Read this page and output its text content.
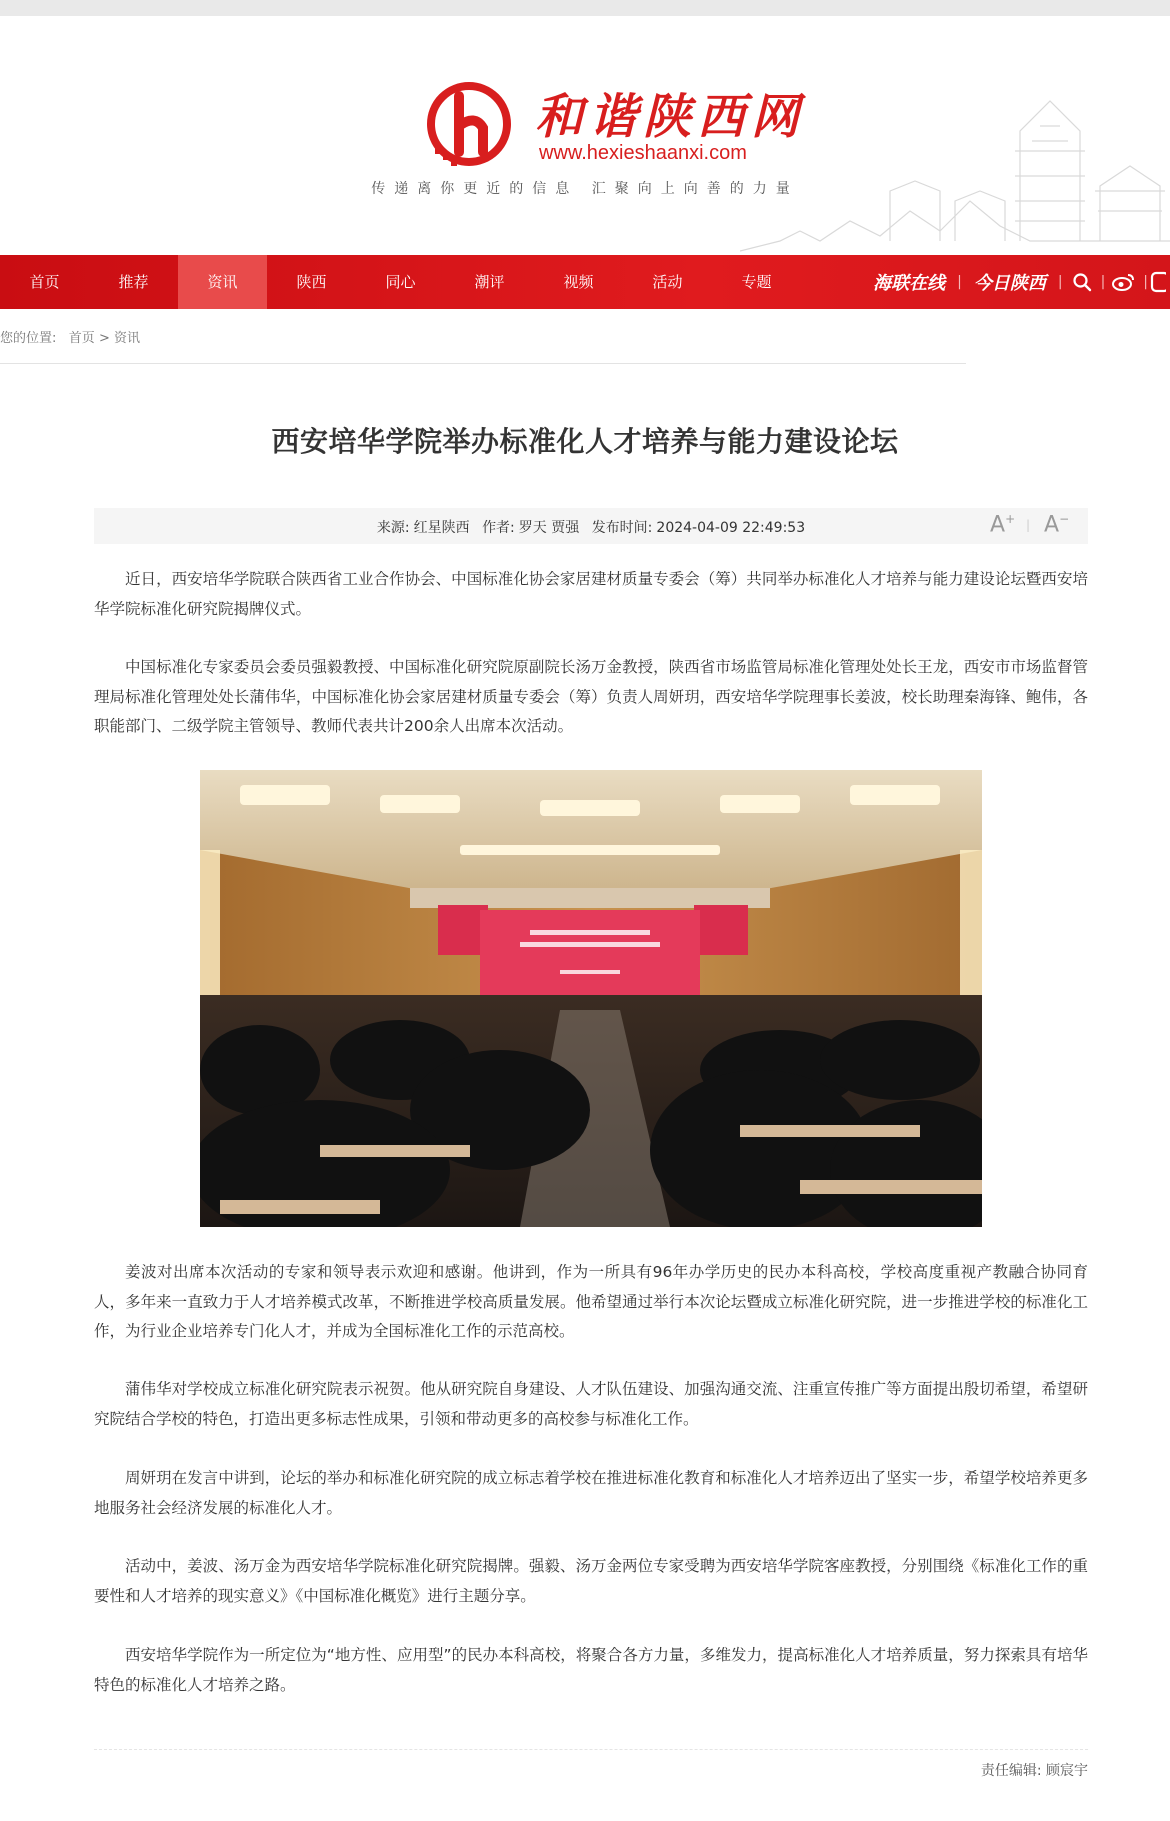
和谐陕西网
www.hexieshaanxi.com
传递离你更近的信息 汇聚向上向善的力量
首页	推荐	资讯	陕西	同心	潮评	视频	活动	专题	海联在线 | 今日陕西 |	|	|
您的位置: 首页 > 资讯
西安培华学院举办标准化人才培养与能力建设论坛
来源: 红星陕西 作者: 罗天 贾强 发布时间: 2024-04-09 22:49:53	A+ | A−

近日，西安培华学院联合陕西省工业合作协会、中国标准化协会家居建材质量专委会（筹）共同举办标准化人才培养与能力建设论坛暨西安培华学院标准化研究院揭牌仪式。

中国标准化专家委员会委员强毅教授、中国标准化研究院原副院长汤万金教授，陕西省市场监管局标准化管理处处长王龙，西安市市场监督管理局标准化管理处处长蒲伟华，中国标准化协会家居建材质量专委会（筹）负责人周妍玥，西安培华学院理事长姜波，校长助理秦海锋、鲍伟，各职能部门、二级学院主管领导、教师代表共计200余人出席本次活动。

姜波对出席本次活动的专家和领导表示欢迎和感谢。他讲到，作为一所具有96年办学历史的民办本科高校，学校高度重视产教融合协同育人，多年来一直致力于人才培养模式改革，不断推进学校高质量发展。他希望通过举行本次论坛暨成立标准化研究院，进一步推进学校的标准化工作，为行业企业培养专门化人才，并成为全国标准化工作的示范高校。

蒲伟华对学校成立标准化研究院表示祝贺。他从研究院自身建设、人才队伍建设、加强沟通交流、注重宣传推广等方面提出殷切希望，希望研究院结合学校的特色，打造出更多标志性成果，引领和带动更多的高校参与标准化工作。

周妍玥在发言中讲到，论坛的举办和标准化研究院的成立标志着学校在推进标准化教育和标准化人才培养迈出了坚实一步，希望学校培养更多地服务社会经济发展的标准化人才。

活动中，姜波、汤万金为西安培华学院标准化研究院揭牌。强毅、汤万金两位专家受聘为西安培华学院客座教授，分别围绕《标准化工作的重要性和人才培养的现实意义》《中国标准化概览》进行主题分享。

西安培华学院作为一所定位为“地方性、应用型”的民办本科高校，将聚合各方力量，多维发力，提高标准化人才培养质量，努力探索具有培华特色的标准化人才培养之路。

责任编辑: 顾宸宇
